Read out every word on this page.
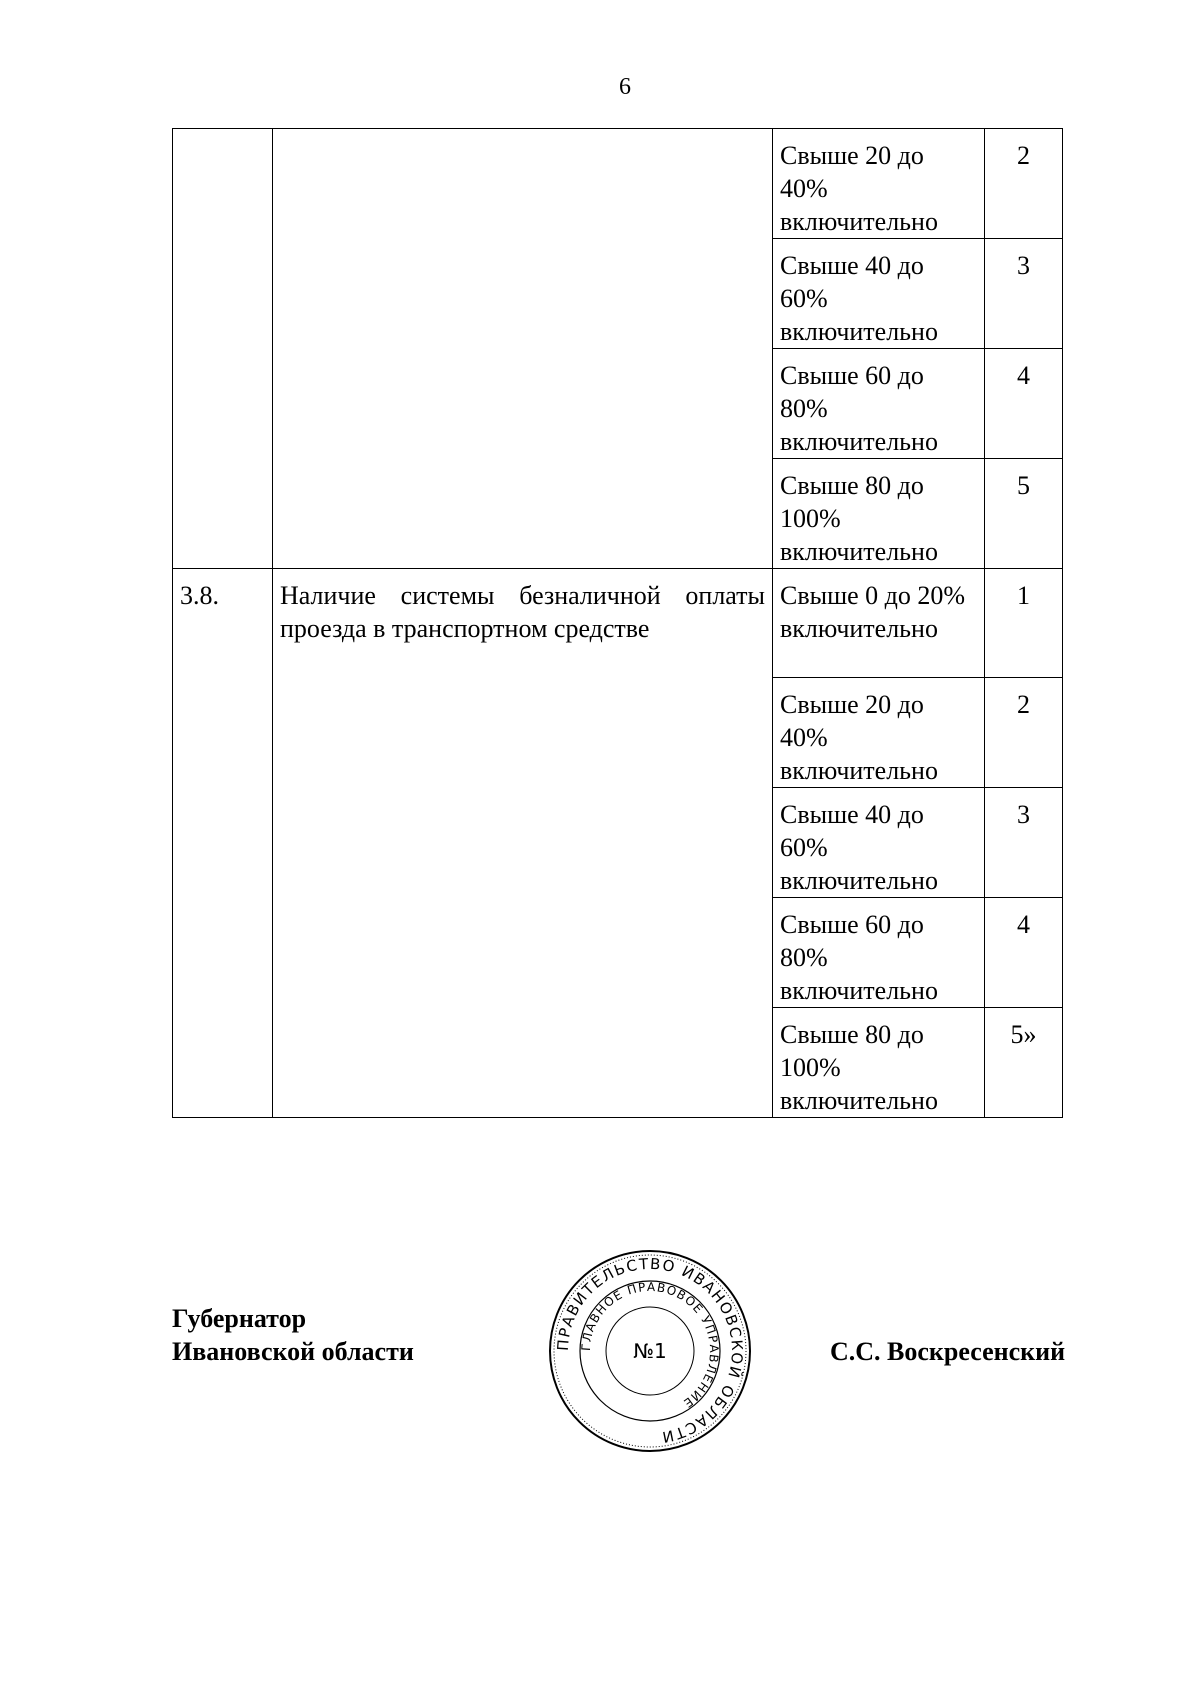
6
		Свыше 20 до 40% включительно	2
		Свыше 40 до 60% включительно	3
		Свыше 60 до 80% включительно	4
		Свыше 80 до 100% включительно	5
3.8.	Наличие системы безналичной оплаты проезда в транспортном средстве	Свыше 0 до 20% включительно	1
		Свыше 20 до 40% включительно	2
		Свыше 40 до 60% включительно	3
		Свыше 60 до 80% включительно	4
		Свыше 80 до 100% включительно	5»
Губернатор
Ивановской области	ПРАВИТЕЛЬСТВО ИВАНОВСКОЙ ОБЛАСТИ
ГЛАВНОЕ ПРАВОВОЕ УПРАВЛЕНИЕ
№1	С.С. Воскресенский
